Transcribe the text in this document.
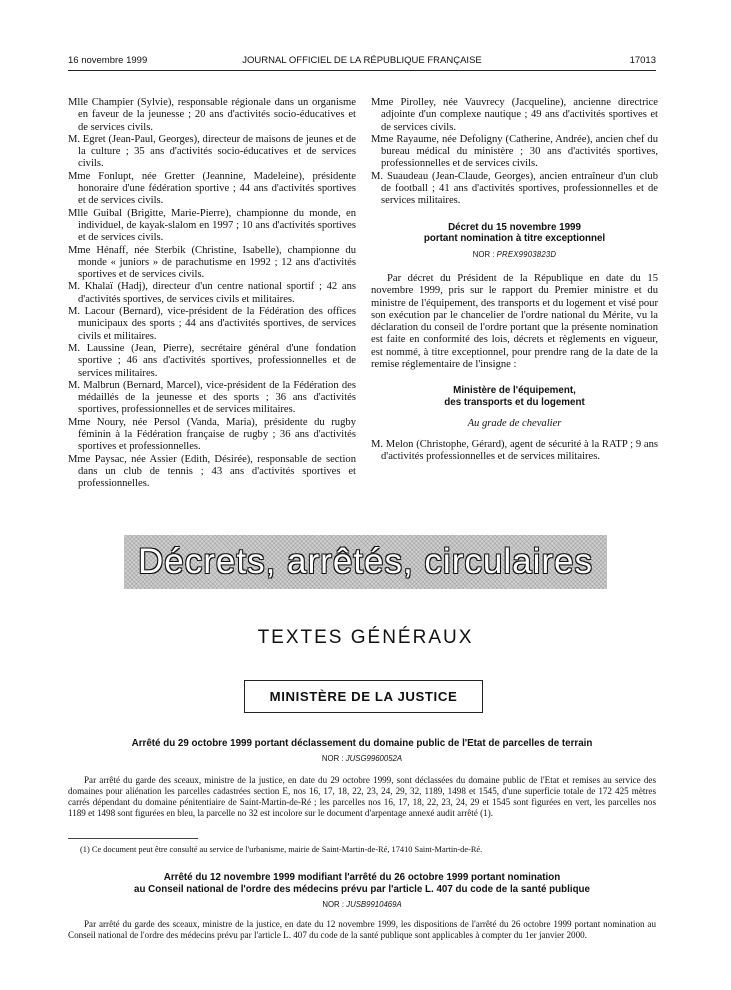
16 novembre 1999	JOURNAL OFFICIEL DE LA RÉPUBLIQUE FRANÇAISE	17013
Mlle Champier (Sylvie), responsable régionale dans un organisme en faveur de la jeunesse ; 20 ans d'activités socio-éducatives et de services civils.
M. Egret (Jean-Paul, Georges), directeur de maisons de jeunes et de la culture ; 35 ans d'activités socio-éducatives et de services civils.
Mme Fonlupt, née Gretter (Jeannine, Madeleine), présidente honoraire d'une fédération sportive ; 44 ans d'activités sportives et de services civils.
Mlle Guibal (Brigitte, Marie-Pierre), championne du monde, en individuel, de kayak-slalom en 1997 ; 10 ans d'activités sportives et de services civils.
Mme Hénaff, née Sterbik (Christine, Isabelle), championne du monde « juniors » de parachutisme en 1992 ; 12 ans d'activités sportives et de services civils.
M. Khalaï (Hadj), directeur d'un centre national sportif ; 42 ans d'activités sportives, de services civils et militaires.
M. Lacour (Bernard), vice-président de la Fédération des offices municipaux des sports ; 44 ans d'activités sportives, de services civils et militaires.
M. Laussine (Jean, Pierre), secrétaire général d'une fondation sportive ; 46 ans d'activités sportives, professionnelles et de services militaires.
M. Malbrun (Bernard, Marcel), vice-président de la Fédération des médaillés de la jeunesse et des sports ; 36 ans d'activités sportives, professionnelles et de services militaires.
Mme Noury, née Persol (Vanda, Maria), présidente du rugby féminin à la Fédération française de rugby ; 36 ans d'activités sportives et professionnelles.
Mme Paysac, née Assier (Edith, Désirée), responsable de section dans un club de tennis ; 43 ans d'activités sportives et professionnelles.
Mme Pirolley, née Vauvrecy (Jacqueline), ancienne directrice adjointe d'un complexe nautique ; 49 ans d'activités sportives et de services civils.
Mme Rayaume, née Defoligny (Catherine, Andrée), ancien chef du bureau médical du ministère ; 30 ans d'activités sportives, professionnelles et de services civils.
M. Suaudeau (Jean-Claude, Georges), ancien entraîneur d'un club de football ; 41 ans d'activités sportives, professionnelles et de services militaires.
Décret du 15 novembre 1999
portant nomination à titre exceptionnel
NOR : PREX9903823D
Par décret du Président de la République en date du 15 novembre 1999, pris sur le rapport du Premier ministre et du ministre de l'équipement, des transports et du logement et visé pour son exécution par le chancelier de l'ordre national du Mérite, vu la déclaration du conseil de l'ordre portant que la présente nomination est faite en conformité des lois, décrets et règlements en vigueur, est nommé, à titre exceptionnel, pour prendre rang de la date de la remise réglementaire de l'insigne :
Ministère de l'équipement,
des transports et du logement
Au grade de chevalier
M. Melon (Christophe, Gérard), agent de sécurité à la RATP ; 9 ans d'activités professionnelles et de services militaires.
Décrets, arrêtés, circulaires
TEXTES GÉNÉRAUX
MINISTÈRE DE LA JUSTICE
Arrêté du 29 octobre 1999 portant déclassement du domaine public de l'Etat de parcelles de terrain
NOR : JUSG9960052A
Par arrêté du garde des sceaux, ministre de la justice, en date du 29 octobre 1999, sont déclassées du domaine public de l'Etat et remises au service des domaines pour aliénation les parcelles cadastrées section E, nos 16, 17, 18, 22, 23, 24, 29, 32, 1189, 1498 et 1545, d'une superficie totale de 172 425 mètres carrés dépendant du domaine pénitentiaire de Saint-Martin-de-Ré ; les parcelles nos 16, 17, 18, 22, 23, 24, 29 et 1545 sont figurées en vert, les parcelles nos 1189 et 1498 sont figurées en bleu, la parcelle no 32 est incolore sur le document d'arpentage annexé audit arrêté (1).
(1) Ce document peut être consulté au service de l'urbanisme, mairie de Saint-Martin-de-Ré, 17410 Saint-Martin-de-Ré.
Arrêté du 12 novembre 1999 modifiant l'arrêté du 26 octobre 1999 portant nomination
au Conseil national de l'ordre des médecins prévu par l'article L. 407 du code de la santé publique
NOR : JUSB9910469A
Par arrêté du garde des sceaux, ministre de la justice, en date du 12 novembre 1999, les dispositions de l'arrêté du 26 octobre 1999 portant nomination au Conseil national de l'ordre des médecins prévu par l'article L. 407 du code de la santé publique sont applicables à compter du 1er janvier 2000.
